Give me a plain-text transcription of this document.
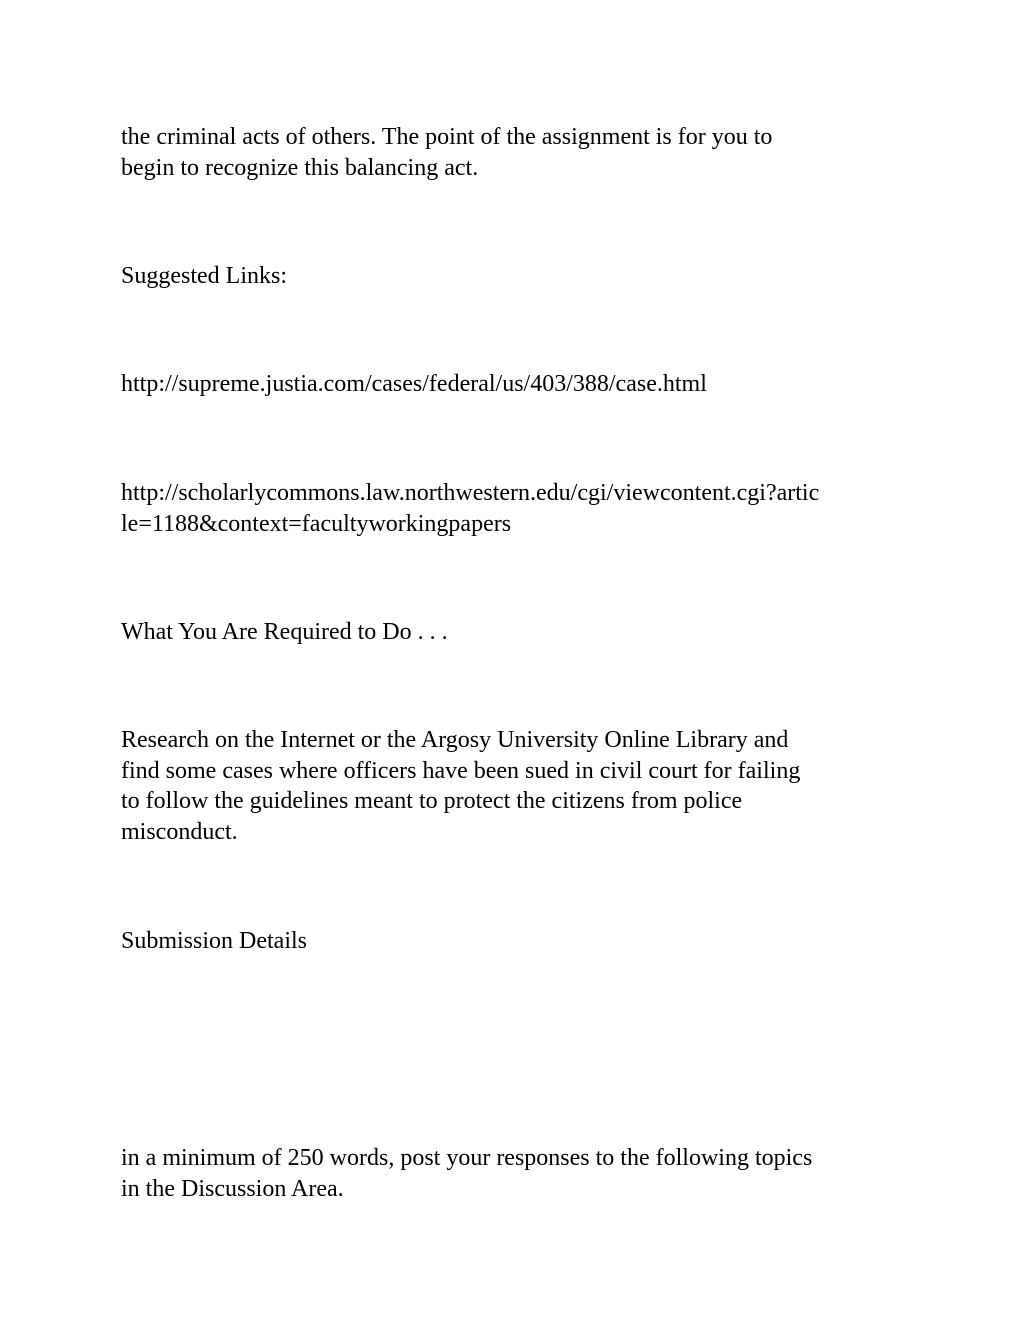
the criminal acts of others. The point of the assignment is for you to
begin to recognize this balancing act.

Suggested Links:

http://supreme.justia.com/cases/federal/us/403/388/case.html

http://scholarlycommons.law.northwestern.edu/cgi/viewcontent.cgi?artic
le=1188&context=facultyworkingpapers

What You Are Required to Do . . .

Research on the Internet or the Argosy University Online Library and
find some cases where officers have been sued in civil court for failing
to follow the guidelines meant to protect the citizens from police
misconduct.

Submission Details

in a minimum of 250 words, post your responses to the following topics
in the Discussion Area.
